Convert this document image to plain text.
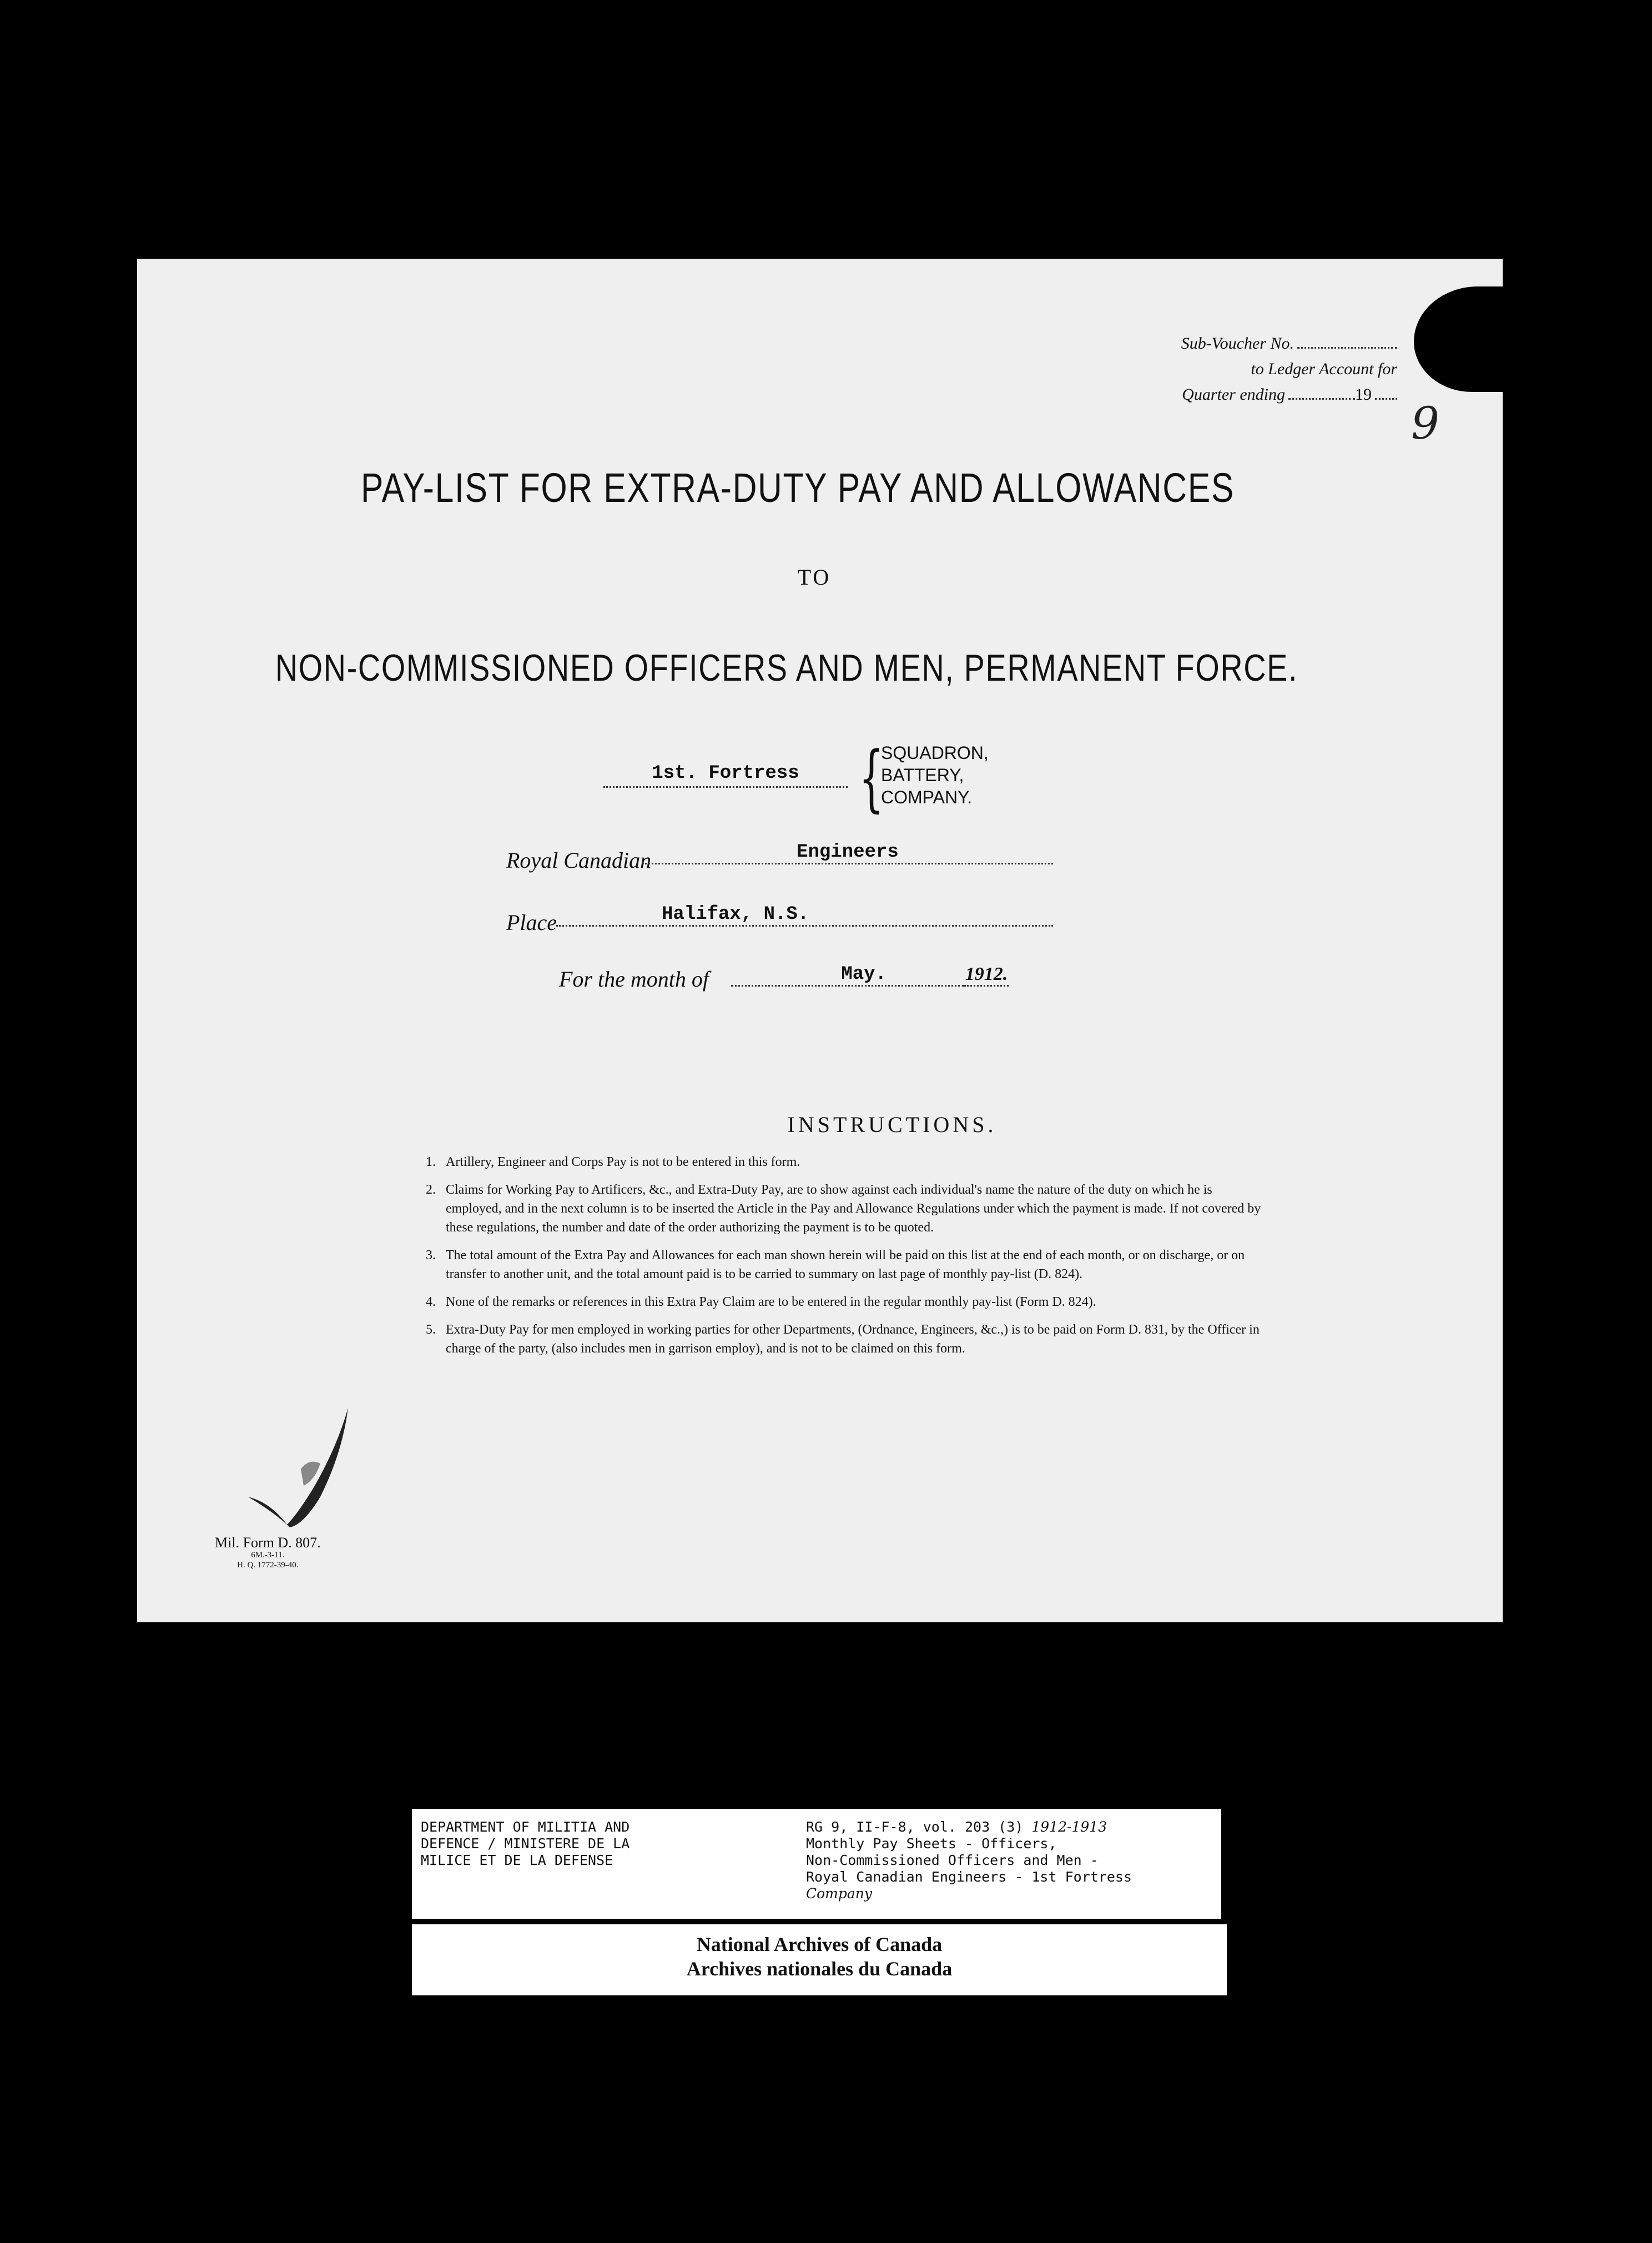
Sub-Voucher No.
to Ledger Account for
Quarter ending	19
9
PAY-LIST FOR EXTRA-DUTY PAY AND ALLOWANCES
TO
NON-COMMISSIONED OFFICERS AND MEN, PERMANENT FORCE.
1st. Fortress {
SQUADRON,
BATTERY,
COMPANY.
Royal Canadian	Engineers
Place	Halifax, N.S.
For the month of	May.	1912.
INSTRUCTIONS.
1. Artillery, Engineer and Corps Pay is not to be entered in this form.
2. Claims for Working Pay to Artificers, &c., and Extra-Duty Pay, are to show against each individual's name the nature of the duty on which he is employed, and in the next column is to be inserted the Article in the Pay and Allowance Regulations under which the payment is made. If not covered by these regulations, the number and date of the order authorizing the payment is to be quoted.
3. The total amount of the Extra Pay and Allowances for each man shown herein will be paid on this list at the end of each month, or on discharge, or on transfer to another unit, and the total amount paid is to be carried to summary on last page of monthly pay-list (D. 824).
4. None of the remarks or references in this Extra Pay Claim are to be entered in the regular monthly pay-list (Form D. 824).
5. Extra-Duty Pay for men employed in working parties for other Departments, (Ordnance, Engineers, &c.,) is to be paid on Form D. 831, by the Officer in charge of the party, (also includes men in garrison employ), and is not to be claimed on this form.
Mil. Form D. 807.
6M.-3-11.
H. Q. 1772-39-40.
DEPARTMENT OF MILITIA AND
DEFENCE / MINISTERE DE LA
MILICE ET DE LA DEFENSE
RG 9, II-F-8, vol. 203 (3) 1912-1913
Monthly Pay Sheets - Officers,
Non-Commissioned Officers and Men -
Royal Canadian Engineers - 1st Fortress
Company
National Archives of Canada
Archives nationales du Canada
